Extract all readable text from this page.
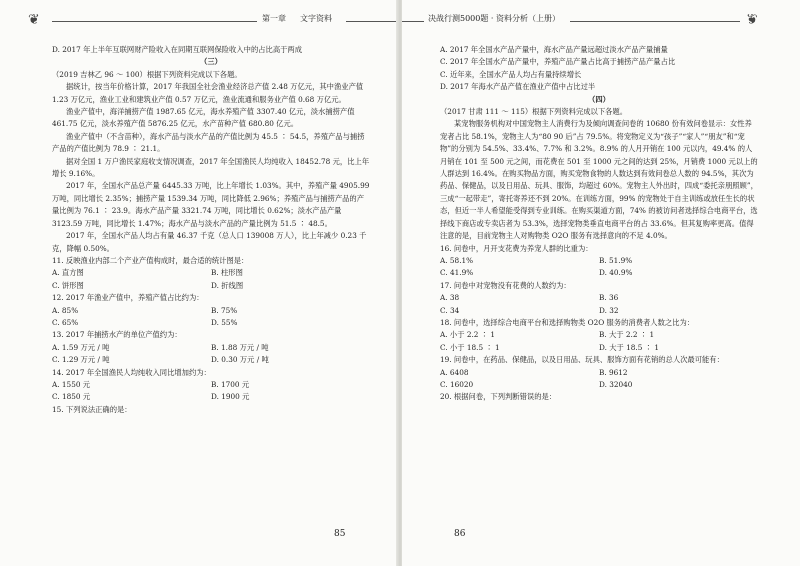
❦	第一章 文字资料

D. 2017 年上半年互联网财产险收入在同期互联网保险收入中的占比高于两成

（三）

（2019 吉林乙 96 ～ 100）根据下列资料完成以下各题。

据统计，按当年价格计算，2017 年我国全社会渔业经济总产值 2.48 万亿元，其中渔业产值 1.23 万亿元，渔业工业和建筑业产值 0.57 万亿元，渔业流通和服务业产值 0.68 万亿元。

渔业产值中，海洋捕捞产值 1987.65 亿元，海水养殖产值 3307.40 亿元，淡水捕捞产值 461.75 亿元，淡水养殖产值 5876.25 亿元，水产苗种产值 680.80 亿元。

渔业产值中（不含苗种），海水产品与淡水产品的产值比例为 45.5 ∶ 54.5，养殖产品与捕捞产品的产值比例为 78.9 ∶ 21.1。

据对全国 1 万户渔民家庭收支情况调查，2017 年全国渔民人均纯收入 18452.78 元，比上年增长 9.16%。

2017 年，全国水产品总产量 6445.33 万吨，比上年增长 1.03%。其中，养殖产量 4905.99 万吨，同比增长 2.35%；捕捞产量 1539.34 万吨，同比降低 2.96%；养殖产品与捕捞产品的产量比例为 76.1 ∶ 23.9。海水产品产量 3321.74 万吨，同比增长 0.62%；淡水产品产量 3123.59 万吨，同比增长 1.47%；海水产品与淡水产品的产量比例为 51.5 ∶ 48.5。

2017 年，全国水产品人均占有量 46.37 千克（总人口 139008 万人），比上年减少 0.23 千克，降幅 0.50%。

11. 反映渔业内部二个产业产值构成时，最合适的统计图是：

A. 直方图	B. 柱形图
C. 饼形图	D. 折线图

12. 2017 年渔业产值中，养殖产值占比约为：

A. 85%	B. 75%
C. 65%	D. 55%

13. 2017 年捕捞水产的单位产值约为：

A. 1.59 万元 / 吨	B. 1.88 万元 / 吨
C. 1.29 万元 / 吨	D. 0.30 万元 / 吨

14. 2017 年全国渔民人均纯收入同比增加约为：

A. 1550 元	B. 1700 元
C. 1850 元	D. 1900 元

15. 下列说法正确的是：

85
决战行测5000题 · 资料分析（上册）	❦

A. 2017 年全国水产品产量中，海水产品产量远超过淡水产品产量捕量

C. 2017 年全国水产品产量中，养殖产品产量占比高于捕捞产品产量占比

C. 近年来，全国水产品人均占有量持续增长

D. 2017 年海水产品产值在渔业产值中占比过半

（四）

（2017 甘肃 111 ～ 115）根据下列资料完成以下各题。

某宠物服务机构对中国宠物主人消费行为及倾向调查问卷的 10680 份有效问卷显示：女性养宠者占比 58.1%，宠物主人为“80 90 后”占 79.5%。将宠物定义为“孩子”“家人”“朋友”和“宠物”的分别为 54.5%、33.4%、7.7% 和 3.2%。8.9% 的人月开销在 100 元以内，49.4% 的人月销在 101 至 500 元之间，而花费在 501 至 1000 元之间的达到 25%，月销费 1000 元以上的人群达到 16.4%。在购买物品方面，购买宠物食物的人数达到有效问卷总人数的 94.5%，其次为药品、保健品，以及日用品、玩具、服饰，均超过 60%。宠物主人外出时，四成“委托亲朋照顾”，三成“一起带走”，寄托寄养还不到 20%。在训练方面，99% 的宠物处于自主训练或放任生长的状态，但近一半人希望能受得到专业训练。在购买渠道方面，74% 的被访问者选择综合电商平台，选择线下商店或专卖店者为 53.3%，选择宠物类垂直电商平台的占 33.6%。但其复购率更高。值得注意的是，目前宠物主人对购物类 O2O 服务有选择意向的不足 4.0%。

16. 问卷中，月开支花费为养宠人群的比重为：

A. 58.1%	B. 51.9%
C. 41.9%	D. 40.9%

17. 问卷中对宠物没有花费的人数约为：

A. 38	B. 36
C. 34	D. 32

18. 问卷中，选择综合电商平台和选择购物类 O2O 服务的消费者人数之比为：

A. 小于 2.2 ∶ 1	B. 大于 2.2 ∶ 1
C. 小于 18.5 ∶ 1	D. 大于 18.5 ∶ 1

19. 问卷中，在药品、保健品，以及日用品、玩具、服饰方面有花销的总人次最可能有：

A. 6408	B. 9612
C. 16020	D. 32040

20. 根据问卷，下列判断错误的是：

86
